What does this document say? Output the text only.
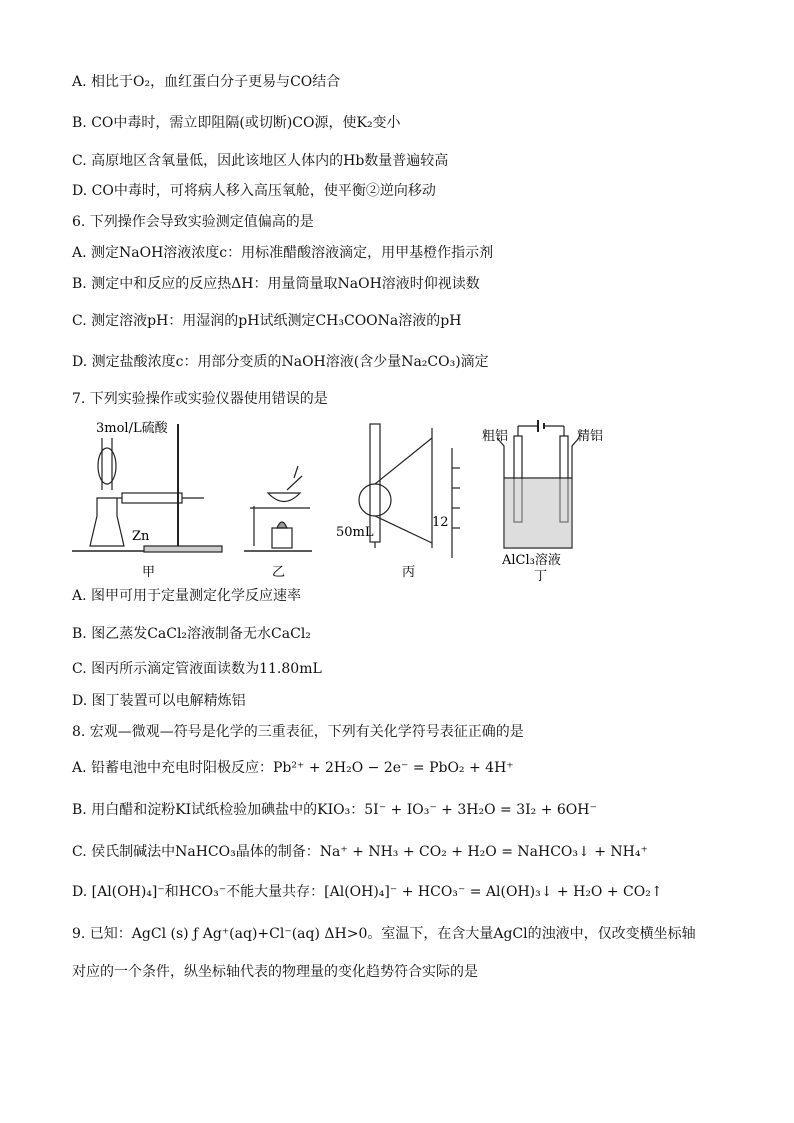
A. 相比于O₂，血红蛋白分子更易与CO结合
B. CO中毒时，需立即阻隔(或切断)CO源，使K₂变小
C. 高原地区含氧量低，因此该地区人体内的Hb数量普遍较高
D. CO中毒时，可将病人移入高压氧舱，使平衡②逆向移动
6. 下列操作会导致实验测定值偏高的是
A. 测定NaOH溶液浓度c：用标准醋酸溶液滴定，用甲基橙作指示剂
B. 测定中和反应的反应热ΔH：用量筒量取NaOH溶液时仰视读数
C. 测定溶液pH：用湿润的pH试纸测定CH₃COONa溶液的pH
D. 测定盐酸浓度c：用部分变质的NaOH溶液(含少量Na₂CO₃)滴定
7. 下列实验操作或实验仪器使用错误的是
3mol/L硫酸
Zn
甲	乙
50mL
12
丙
粗铝	精铝
AlCl₃溶液
丁
A. 图甲可用于定量测定化学反应速率
B. 图乙蒸发CaCl₂溶液制备无水CaCl₂
C. 图丙所示滴定管液面读数为11.80mL
D. 图丁装置可以电解精炼铝
8. 宏观—微观—符号是化学的三重表征，下列有关化学符号表征正确的是
A. 铅蓄电池中充电时阳极反应：Pb²⁺ + 2H₂O − 2e⁻ = PbO₂ + 4H⁺
B. 用白醋和淀粉KI试纸检验加碘盐中的KIO₃：5I⁻ + IO₃⁻ + 3H₂O = 3I₂ + 6OH⁻
C. 侯氏制碱法中NaHCO₃晶体的制备：Na⁺ + NH₃ + CO₂ + H₂O = NaHCO₃↓ + NH₄⁺
D. [Al(OH)₄]⁻和HCO₃⁻不能大量共存：[Al(OH)₄]⁻ + HCO₃⁻ = Al(OH)₃↓ + H₂O + CO₂↑
9. 已知：AgCl (s) ƒ Ag⁺(aq)+Cl⁻(aq) ΔH>0。室温下，在含大量AgCl的浊液中，仅改变横坐标轴
对应的一个条件，纵坐标轴代表的物理量的变化趋势符合实际的是
